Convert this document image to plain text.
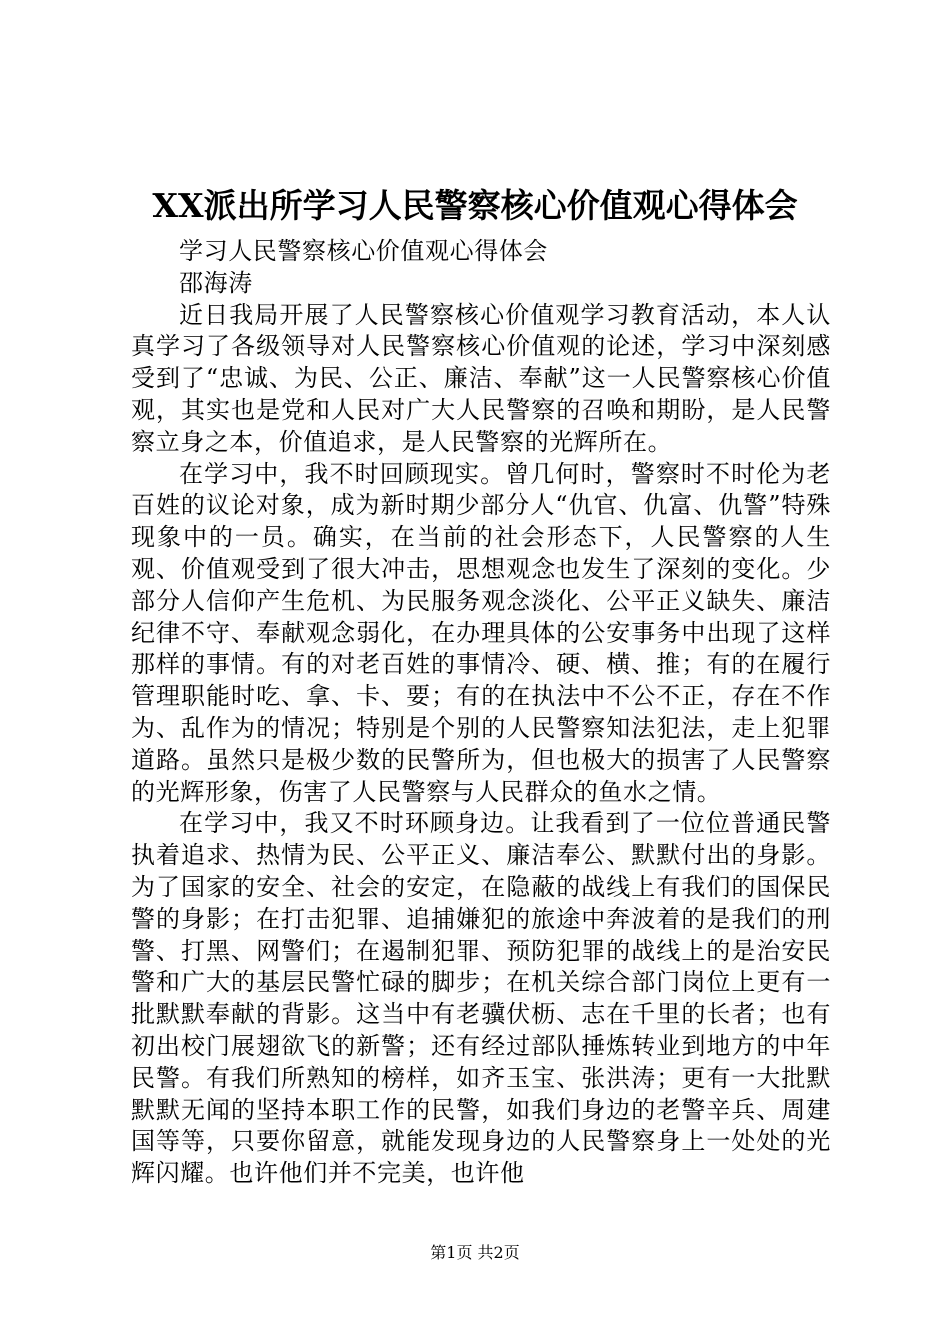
XX派出所学习人民警察核心价值观心得体会

学习人民警察核心价值观心得体会

邵海涛

近日我局开展了人民警察核心价值观学习教育活动，本人认真学习了各级领导对人民警察核心价值观的论述，学习中深刻感受到了“忠诚、为民、公正、廉洁、奉献”这一人民警察核心价值观，其实也是党和人民对广大人民警察的召唤和期盼，是人民警察立身之本，价值追求，是人民警察的光辉所在。

在学习中，我不时回顾现实。曾几何时，警察时不时伦为老百姓的议论对象，成为新时期少部分人“仇官、仇富、仇警”特殊现象中的一员。确实，在当前的社会形态下，人民警察的人生观、价值观受到了很大冲击，思想观念也发生了深刻的变化。少部分人信仰产生危机、为民服务观念淡化、公平正义缺失、廉洁纪律不守、奉献观念弱化，在办理具体的公安事务中出现了这样那样的事情。有的对老百姓的事情冷、硬、横、推；有的在履行管理职能时吃、拿、卡、要；有的在执法中不公不正，存在不作为、乱作为的情况；特别是个别的人民警察知法犯法，走上犯罪道路。虽然只是极少数的民警所为，但也极大的损害了人民警察的光辉形象，伤害了人民警察与人民群众的鱼水之情。

在学习中，我又不时环顾身边。让我看到了一位位普通民警执着追求、热情为民、公平正义、廉洁奉公、默默付出的身影。为了国家的安全、社会的安定，在隐蔽的战线上有我们的国保民警的身影；在打击犯罪、追捕嫌犯的旅途中奔波着的是我们的刑警、打黑、网警们；在遏制犯罪、预防犯罪的战线上的是治安民警和广大的基层民警忙碌的脚步；在机关综合部门岗位上更有一批默默奉献的背影。这当中有老骥伏枥、志在千里的长者；也有初出校门展翅欲飞的新警；还有经过部队捶炼转业到地方的中年民警。有我们所熟知的榜样，如齐玉宝、张洪涛；更有一大批默默默无闻的坚持本职工作的民警，如我们身边的老警辛兵、周建国等等，只要你留意，就能发现身边的人民警察身上一处处的光辉闪耀。也许他们并不完美，也许他

第1页 共2页
